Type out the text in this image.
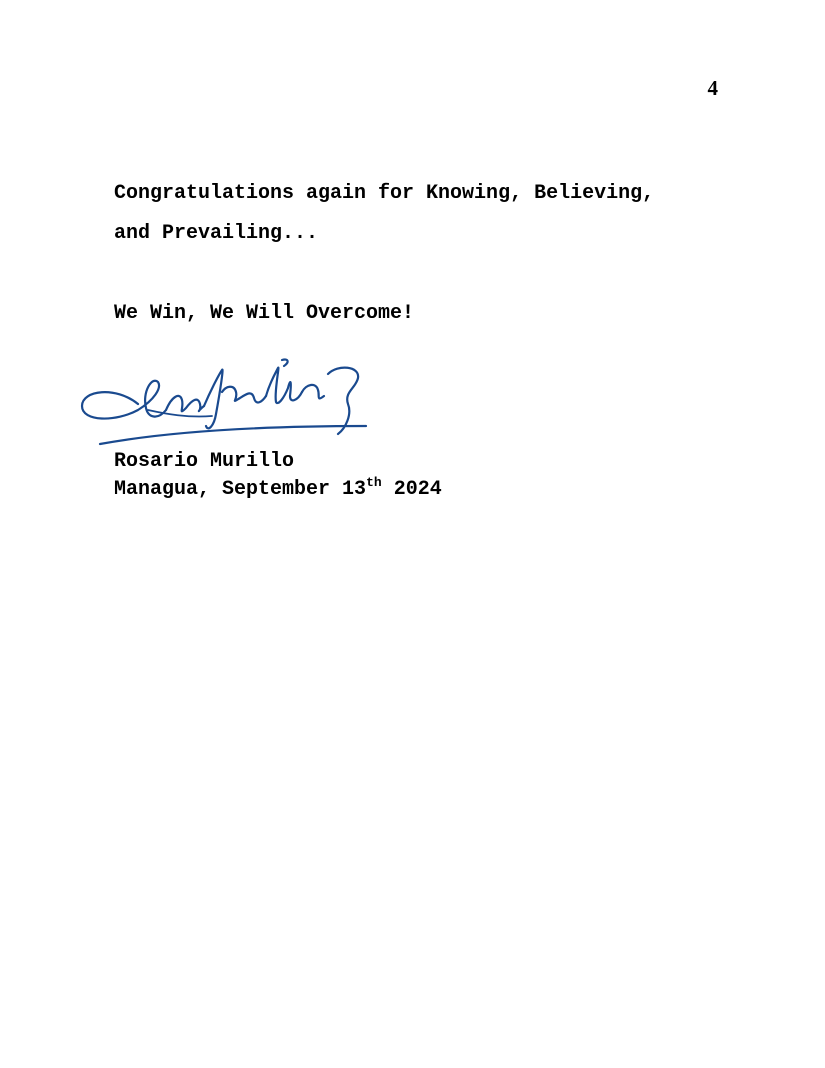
4
Congratulations again for Knowing, Believing,
and Prevailing...
We Win, We Will Overcome!
Rosario Murillo
Managua, September 13th 2024
